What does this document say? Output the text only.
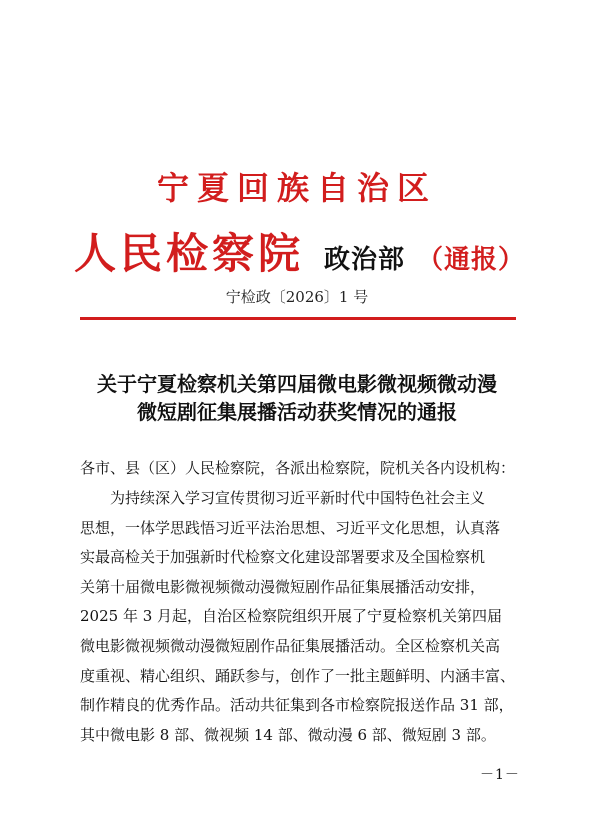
宁夏回族自治区
人民检察院 政治部 （通报）
宁检政〔2026〕1 号
关于宁夏检察机关第四届微电影微视频微动漫
微短剧征集展播活动获奖情况的通报
各市、县（区）人民检察院，各派出检察院，院机关各内设机构：
为持续深入学习宣传贯彻习近平新时代中国特色社会主义
思想，一体学思践悟习近平法治思想、习近平文化思想，认真落
实最高检关于加强新时代检察文化建设部署要求及全国检察机
关第十届微电影微视频微动漫微短剧作品征集展播活动安排，
2025 年 3 月起，自治区检察院组织开展了宁夏检察机关第四届
微电影微视频微动漫微短剧作品征集展播活动。全区检察机关高
度重视、精心组织、踊跃参与，创作了一批主题鲜明、内涵丰富、
制作精良的优秀作品。活动共征集到各市检察院报送作品 31 部，
其中微电影 8 部、微视频 14 部、微动漫 6 部、微短剧 3 部。
－1－
